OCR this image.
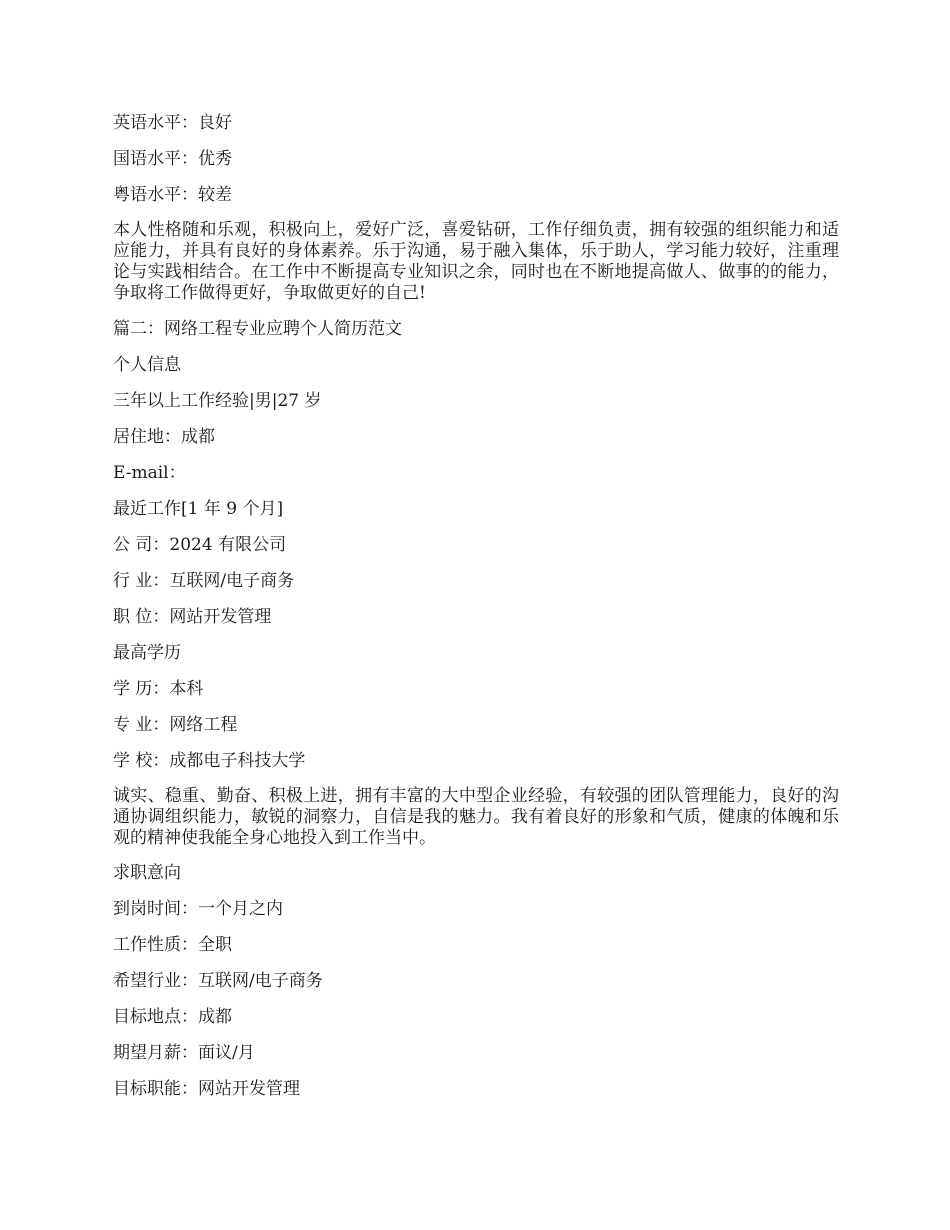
英语水平：良好
国语水平：优秀
粤语水平：较差

本人性格随和乐观，积极向上，爱好广泛，喜爱钻研，工作仔细负责，拥有较强的组织能力和适应能力，并具有良好的身体素养。乐于沟通，易于融入集体，乐于助人，学习能力较好，注重理论与实践相结合。在工作中不断提高专业知识之余，同时也在不断地提高做人、做事的的能力，争取将工作做得更好，争取做更好的自己!

篇二：网络工程专业应聘个人简历范文
个人信息
三年以上工作经验|男|27 岁
居住地：成都
E-mail：
最近工作[1 年 9 个月]
公 司：2024 有限公司
行 业：互联网/电子商务
职 位：网站开发管理
最高学历
学 历：本科
专 业：网络工程
学 校：成都电子科技大学

诚实、稳重、勤奋、积极上进，拥有丰富的大中型企业经验，有较强的团队管理能力，良好的沟通协调组织能力，敏锐的洞察力，自信是我的魅力。我有着良好的形象和气质，健康的体魄和乐观的精神使我能全身心地投入到工作当中。

求职意向
到岗时间：一个月之内
工作性质：全职
希望行业：互联网/电子商务
目标地点：成都
期望月薪：面议/月
目标职能：网站开发管理
